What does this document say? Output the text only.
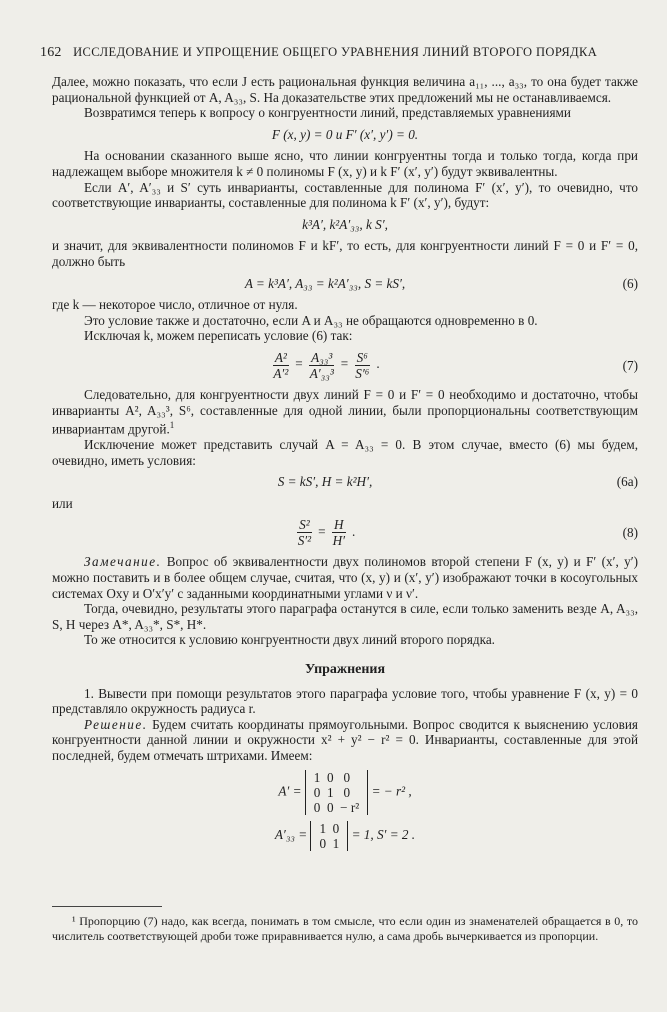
162 ИССЛЕДОВАНИЕ И УПРОЩЕНИЕ ОБЩЕГО УРАВНЕНИЯ ЛИНИЙ ВТОРОГО ПОРЯДКА

Далее, можно показать, что если J есть рациональная функция величина a₁₁, ..., a₃₃, то она будет также рациональной функцией от A, A₃₃, S. На доказательстве этих предложений мы не останавливаемся.

Возвратимся теперь к вопросу о конгруентности линий, представляемых уравнениями

F (x, y) = 0 и F′ (x′, y′) = 0.

На основании сказанного выше ясно, что линии конгруентны тогда и только тогда, когда при надлежащем выборе множителя k ≠ 0 полиномы F (x, y) и k F′ (x′, y′) будут эквивалентны.

Если A′, A′₃₃ и S′ суть инварианты, составленные для полинома F′ (x′, y′), то очевидно, что соответствующие инварианты, составленные для полинома k F′ (x′, y′), будут:

k³A′, k²A′₃₃, k S′,

и значит, для эквивалентности полиномов F и kF′, то есть, для конгруентности линий F = 0 и F′ = 0, должно быть

A = k³A′, A₃₃ = k²A′₃₃, S = kS′,	(6)

где k — некоторое число, отличное от нуля.

Это условие также и достаточно, если A и A₃₃ не обращаются одновременно в 0.

Исключая k, можем переписать условие (6) так:

$\frac{\text{A²}}{\text{A′²}} = \frac{\text{A₃₃³}}{\text{A′₃₃³}} = \frac{\text{S⁶}}{\text{S′⁶}}$ .	(7)

Следовательно, для конгруентности двух линий F = 0 и F′ = 0 необходимо и достаточно, чтобы инварианты A², A₃₃³, S⁶, составленные для одной линии, были пропорциональны соответствующим инвариантам другой.$^1$

Исключение может представить случай A = A₃₃ = 0. В этом случае, вместо (6) мы будем, очевидно, иметь условия:

S = kS′, H = k²H′,	(6a)

или

$\frac{\text{S²}}{\text{S′²}} = \frac{H}{H'}$ .	(8)

Замечание. Вопрос об эквивалентности двух полиномов второй степени F (x, y) и F′ (x′, y′) можно поставить и в более общем случае, считая, что (x, y) и (x′, y′) изображают точки в косоугольных системах Oxy и O′x′y′ с заданными координатными углами ν и ν′.

Тогда, очевидно, результаты этого параграфа останутся в силе, если только заменить везде A, A₃₃, S, H через A*, A₃₃*, S*, H*.

То же относится к условию конгруентности двух линий второго порядка.

Упражнения

1. Вывести при помощи результатов этого параграфа условие того, чтобы уравнение F (x, y) = 0 представляло окружность радиуса r.

Решение. Будем считать координаты прямоугольными. Вопрос сводится к выяснению условия конгруентности данной линии и окружности x² + y² − r² = 0. Инварианты, составленные для этой последней, будем отмечать штрихами. Имеем:

A′ =
1  0   0
0  1   0
0  0  − r²
= − r² ,
A′₃₃ = 1  0
0  1
= 1, S′ = 2 .
¹ Пропорцию (7) надо, как всегда, понимать в том смысле, что если один из знаменателей обращается в 0, то числитель соответствующей дроби тоже приравнивается нулю, а сама дробь вычеркивается из пропорции.
